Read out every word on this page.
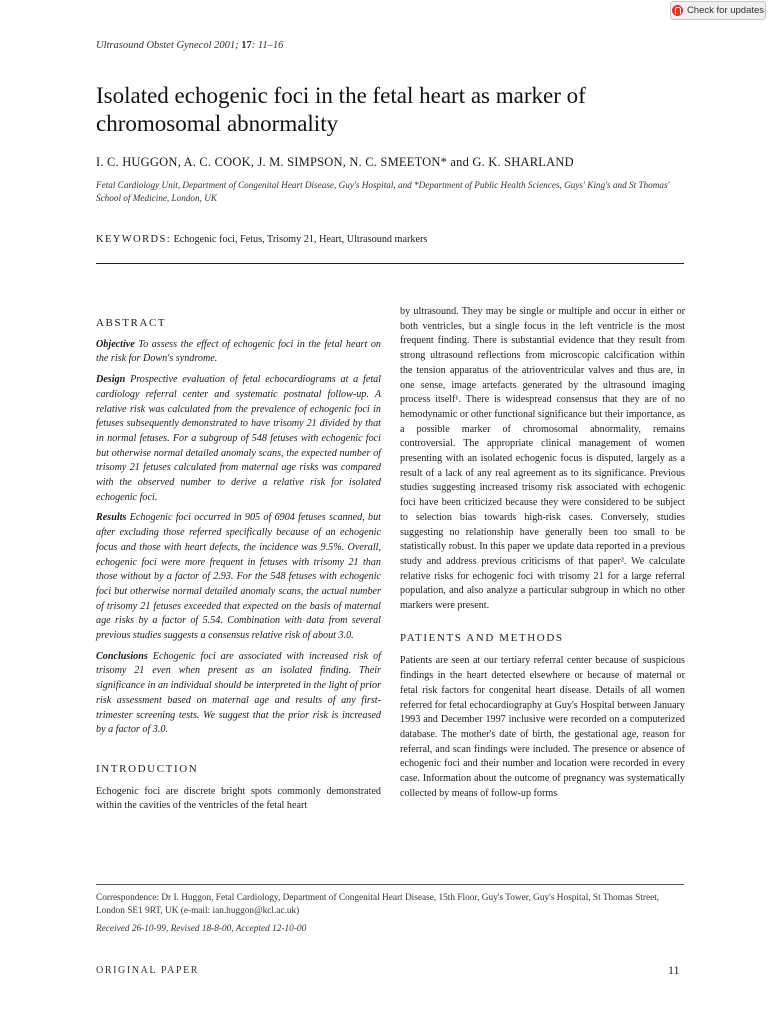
Check for updates
Ultrasound Obstet Gynecol 2001; 17: 11–16
Isolated echogenic foci in the fetal heart as marker of chromosomal abnormality
I. C. HUGGON, A. C. COOK, J. M. SIMPSON, N. C. SMEETON* and G. K. SHARLAND
Fetal Cardiology Unit, Department of Congenital Heart Disease, Guy's Hospital, and *Department of Public Health Sciences, Guys' King's and St Thomas' School of Medicine, London, UK
KEYWORDS: Echogenic foci, Fetus, Trisomy 21, Heart, Ultrasound markers
ABSTRACT

Objective To assess the effect of echogenic foci in the fetal heart on the risk for Down's syndrome.

Design Prospective evaluation of fetal echocardiograms at a fetal cardiology referral center and systematic postnatal follow-up. A relative risk was calculated from the prevalence of echogenic foci in fetuses subsequently demonstrated to have trisomy 21 divided by that in normal fetuses. For a subgroup of 548 fetuses with echogenic foci but otherwise normal detailed anomaly scans, the expected number of trisomy 21 fetuses calculated from maternal age risks was compared with the observed number to derive a relative risk for isolated echogenic foci.

Results Echogenic foci occurred in 905 of 6904 fetuses scanned, but after excluding those referred specifically because of an echogenic focus and those with heart defects, the incidence was 9.5%. Overall, echogenic foci were more frequent in fetuses with trisomy 21 than those without by a factor of 2.93. For the 548 fetuses with echogenic foci but otherwise normal detailed anomaly scans, the actual number of trisomy 21 fetuses exceeded that expected on the basis of maternal age risks by a factor of 5.54. Combination with data from several previous studies suggests a consensus relative risk of about 3.0.

Conclusions Echogenic foci are associated with increased risk of trisomy 21 even when present as an isolated finding. Their significance in an individual should be interpreted in the light of prior risk assessment based on maternal age and results of any first-trimester screening tests. We suggest that the prior risk is increased by a factor of 3.0.

INTRODUCTION

Echogenic foci are discrete bright spots commonly demonstrated within the cavities of the ventricles of the fetal heart

by ultrasound. They may be single or multiple and occur in either or both ventricles, but a single focus in the left ventricle is the most frequent finding. There is substantial evidence that they result from strong ultrasound reflections from microscopic calcification within the tension apparatus of the atrioventricular valves and thus are, in one sense, image artefacts generated by the ultrasound imaging process itself¹. There is widespread consensus that they are of no hemodynamic or other functional significance but their importance, as a possible marker of chromosomal abnormality, remains controversial. The appropriate clinical management of women presenting with an isolated echogenic focus is disputed, largely as a result of a lack of any real agreement as to its significance. Previous studies suggesting increased trisomy risk associated with echogenic foci have been criticized because they were considered to be subject to selection bias towards high-risk cases. Conversely, studies suggesting no relationship have generally been too small to be statistically robust. In this paper we update data reported in a previous study and address previous criticisms of that paper². We calculate relative risks for echogenic foci with trisomy 21 for a large referral population, and also analyze a particular subgroup in which no other markers were present.

PATIENTS AND METHODS

Patients are seen at our tertiary referral center because of suspicious findings in the heart detected elsewhere or because of maternal or fetal risk factors for congenital heart disease. Details of all women referred for fetal echocardiography at Guy's Hospital between January 1993 and December 1997 inclusive were recorded on a computerized database. The mother's date of birth, the gestational age, reason for referral, and scan findings were included. The presence or absence of echogenic foci and their number and location were recorded in every case. Information about the outcome of pregnancy was systematically collected by means of follow-up forms

Correspondence: Dr I. Huggon, Fetal Cardiology, Department of Congenital Heart Disease, 15th Floor, Guy's Tower, Guy's Hospital, St Thomas Street, London SE1 9RT, UK (e-mail: ian.huggon@kcl.ac.uk)
Received 26-10-99, Revised 18-8-00, Accepted 12-10-00
ORIGINAL PAPER	11
